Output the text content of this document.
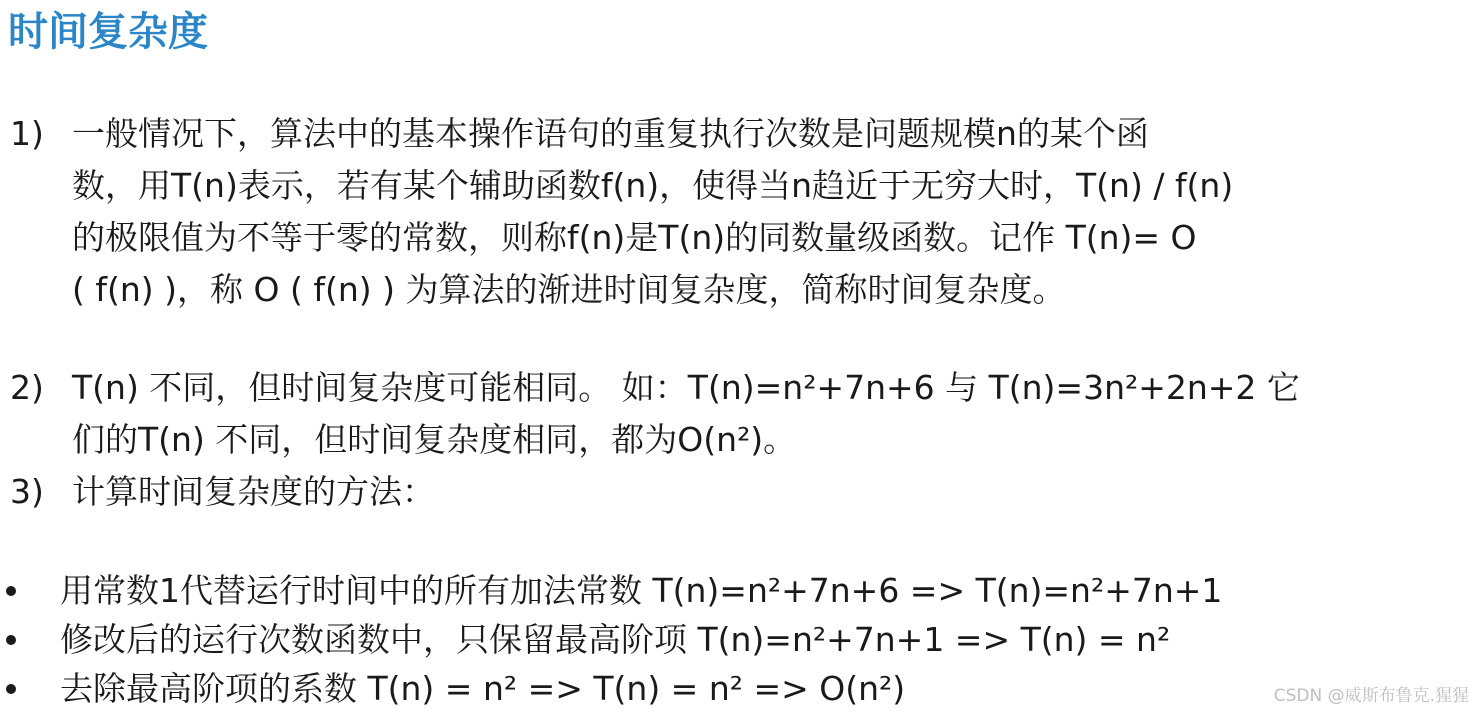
时间复杂度
1) 一般情况下，算法中的基本操作语句的重复执行次数是问题规模n的某个函
数，用T(n)表示，若有某个辅助函数f(n)，使得当n趋近于无穷大时，T(n) / f(n)
的极限值为不等于零的常数，则称f(n)是T(n)的同数量级函数。记作 T(n)= O
( f(n) )，称 O ( f(n) ) 为算法的渐进时间复杂度，简称时间复杂度。
2) T(n) 不同，但时间复杂度可能相同。 如：T(n)=n²+7n+6 与 T(n)=3n²+2n+2 它
们的T(n) 不同，但时间复杂度相同，都为O(n²)。
3) 计算时间复杂度的方法：
用常数1代替运行时间中的所有加法常数 T(n)=n²+7n+6 => T(n)=n²+7n+1
修改后的运行次数函数中，只保留最高阶项 T(n)=n²+7n+1 => T(n) = n²
去除最高阶项的系数 T(n) = n² => T(n) = n² => O(n²)	CSDN @威斯布鲁克.猩猩
